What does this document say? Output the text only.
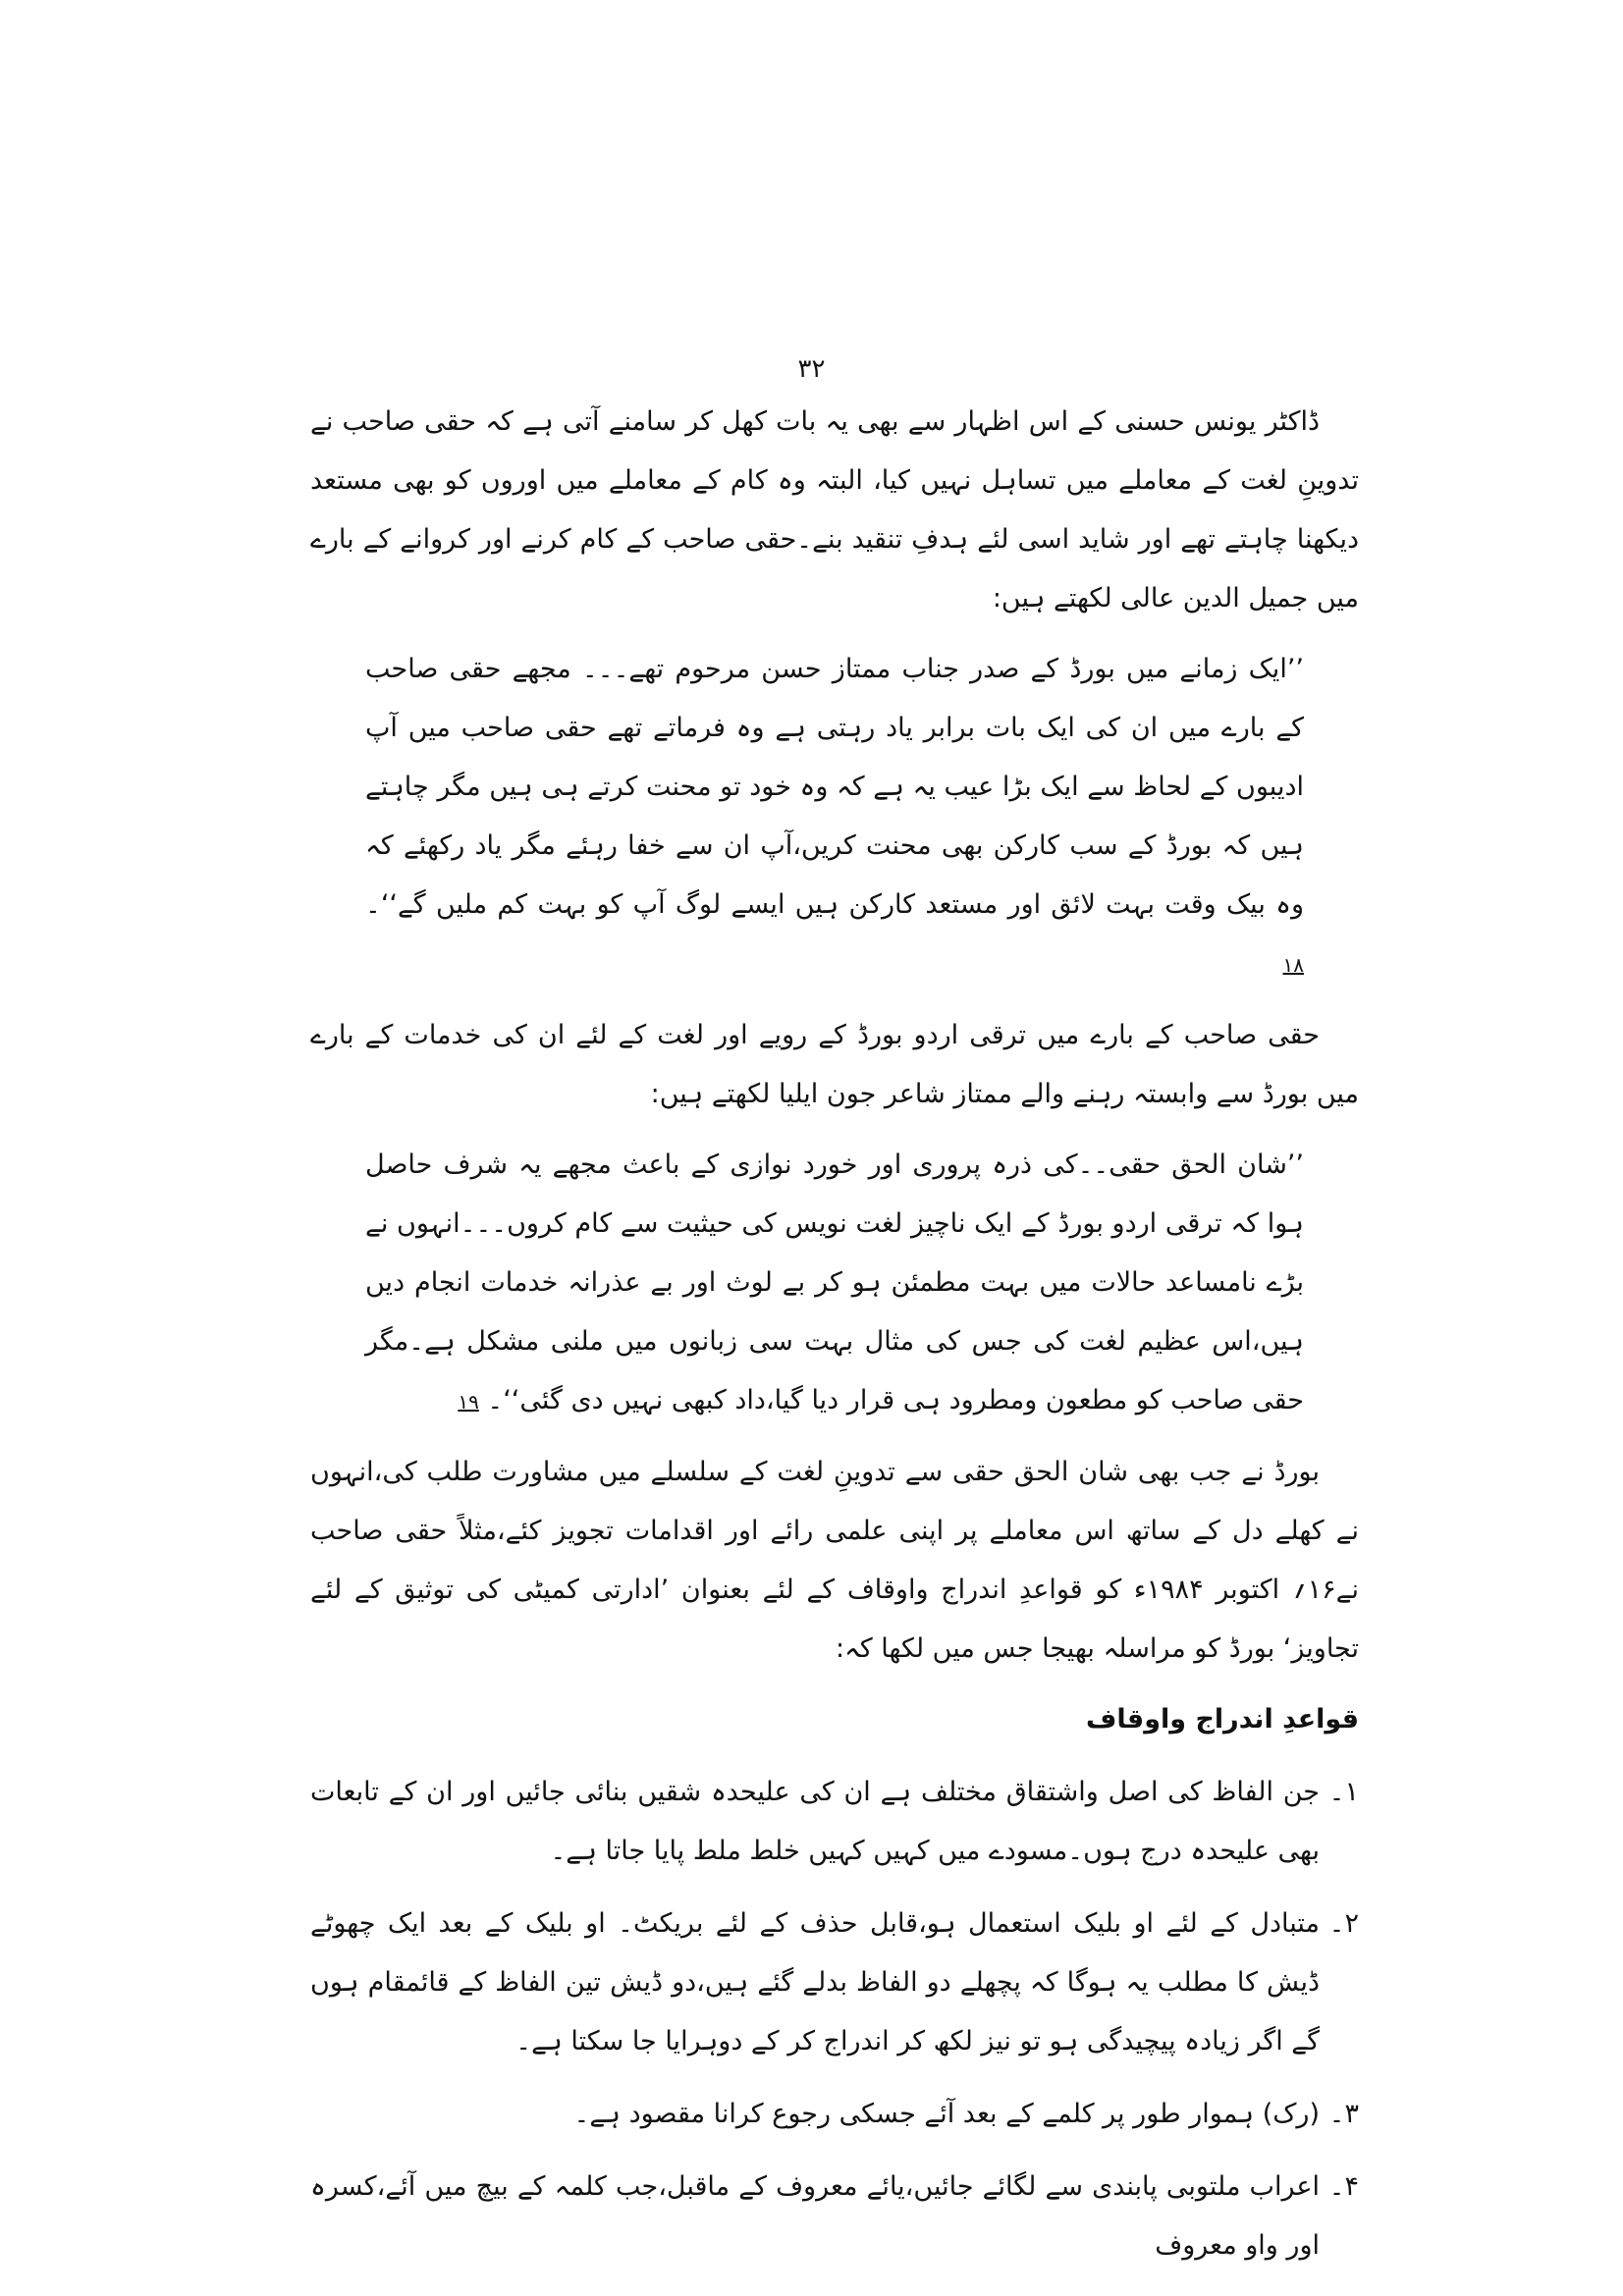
۳۲

ڈاکٹر یونس حسنی کے اس اظہار سے بھی یہ بات کھل کر سامنے آتی ہے کہ حقی صاحب نے تدوینِ لغت کے معاملے میں تساہل نہیں کیا، البتہ وہ کام کے معاملے میں اوروں کو بھی مستعد دیکھنا چاہتے تھے اور شاید اسی لئے ہدفِ تنقید بنے۔حقی صاحب کے کام کرنے اور کروانے کے بارے میں جمیل الدین عالی لکھتے ہیں:

’’ایک زمانے میں بورڈ کے صدر جناب ممتاز حسن مرحوم تھے۔۔۔ مجھے حقی صاحب کے بارے میں ان کی ایک بات برابر یاد رہتی ہے وہ فرماتے تھے حقی صاحب میں آپ ادیبوں کے لحاظ سے ایک بڑا عیب یہ ہے کہ وہ خود تو محنت کرتے ہی ہیں مگر چاہتے ہیں کہ بورڈ کے سب کارکن بھی محنت کریں،آپ ان سے خفا رہئے مگر یاد رکھئے کہ وہ بیک وقت بہت لائق اور مستعد کارکن ہیں ایسے لوگ آپ کو بہت کم ملیں گے‘‘۔ ۱۸

حقی صاحب کے بارے میں ترقی اردو بورڈ کے رویے اور لغت کے لئے ان کی خدمات کے بارے میں بورڈ سے وابستہ رہنے والے ممتاز شاعر جون ایلیا لکھتے ہیں:

’’شان الحق حقی۔۔کی ذرہ پروری اور خورد نوازی کے باعث مجھے یہ شرف حاصل ہوا کہ ترقی اردو بورڈ کے ایک ناچیز لغت نویس کی حیثیت سے کام کروں۔۔۔انہوں نے بڑے نامساعد حالات میں بہت مطمئن ہو کر بے لوث اور بے عذرانہ خدمات انجام دیں ہیں،اس عظیم لغت کی جس کی مثال بہت سی زبانوں میں ملنی مشکل ہے۔مگر حقی صاحب کو مطعون ومطرود ہی قرار دیا گیا،داد کبھی نہیں دی گئی‘‘۔ ۱۹

بورڈ نے جب بھی شان الحق حقی سے تدوینِ لغت کے سلسلے میں مشاورت طلب کی،انہوں نے کھلے دل کے ساتھ اس معاملے پر اپنی علمی رائے اور اقدامات تجویز کئے،مثلاً حقی صاحب نے۱۶؍ اکتوبر ۱۹۸۴ء کو قواعدِ اندراج واوقاف کے لئے بعنوان ’ادارتی کمیٹی کی توثیق کے لئے تجاویز‘ بورڈ کو مراسلہ بھیجا جس میں لکھا کہ:

قواعدِ اندراج واوقاف
۱۔
جن الفاظ کی اصل واشتقاق مختلف ہے ان کی علیحدہ شقیں بنائی جائیں اور ان کے تابعات بھی علیحدہ درج ہوں۔مسودے میں کہیں کہیں خلط ملط پایا جاتا ہے۔
۲۔
متبادل کے لئے او بلیک استعمال ہو،قابل حذف کے لئے بریکٹ۔ او بلیک کے بعد ایک چھوٹے ڈیش کا مطلب یہ ہوگا کہ پچھلے دو الفاظ بدلے گئے ہیں،دو ڈیش تین الفاظ کے قائمقام ہوں گے اگر زیادہ پیچیدگی ہو تو نیز لکھ کر اندراج کر کے دوہرایا جا سکتا ہے۔
۳۔
(رک) ہموار طور پر کلمے کے بعد آئے جسکی رجوع کرانا مقصود ہے۔
۴۔
اعراب ملتوبی پابندی سے لگائے جائیں،یائے معروف کے ماقبل،جب کلمہ کے بیچ میں آئے،کسرہ اور واو معروف
